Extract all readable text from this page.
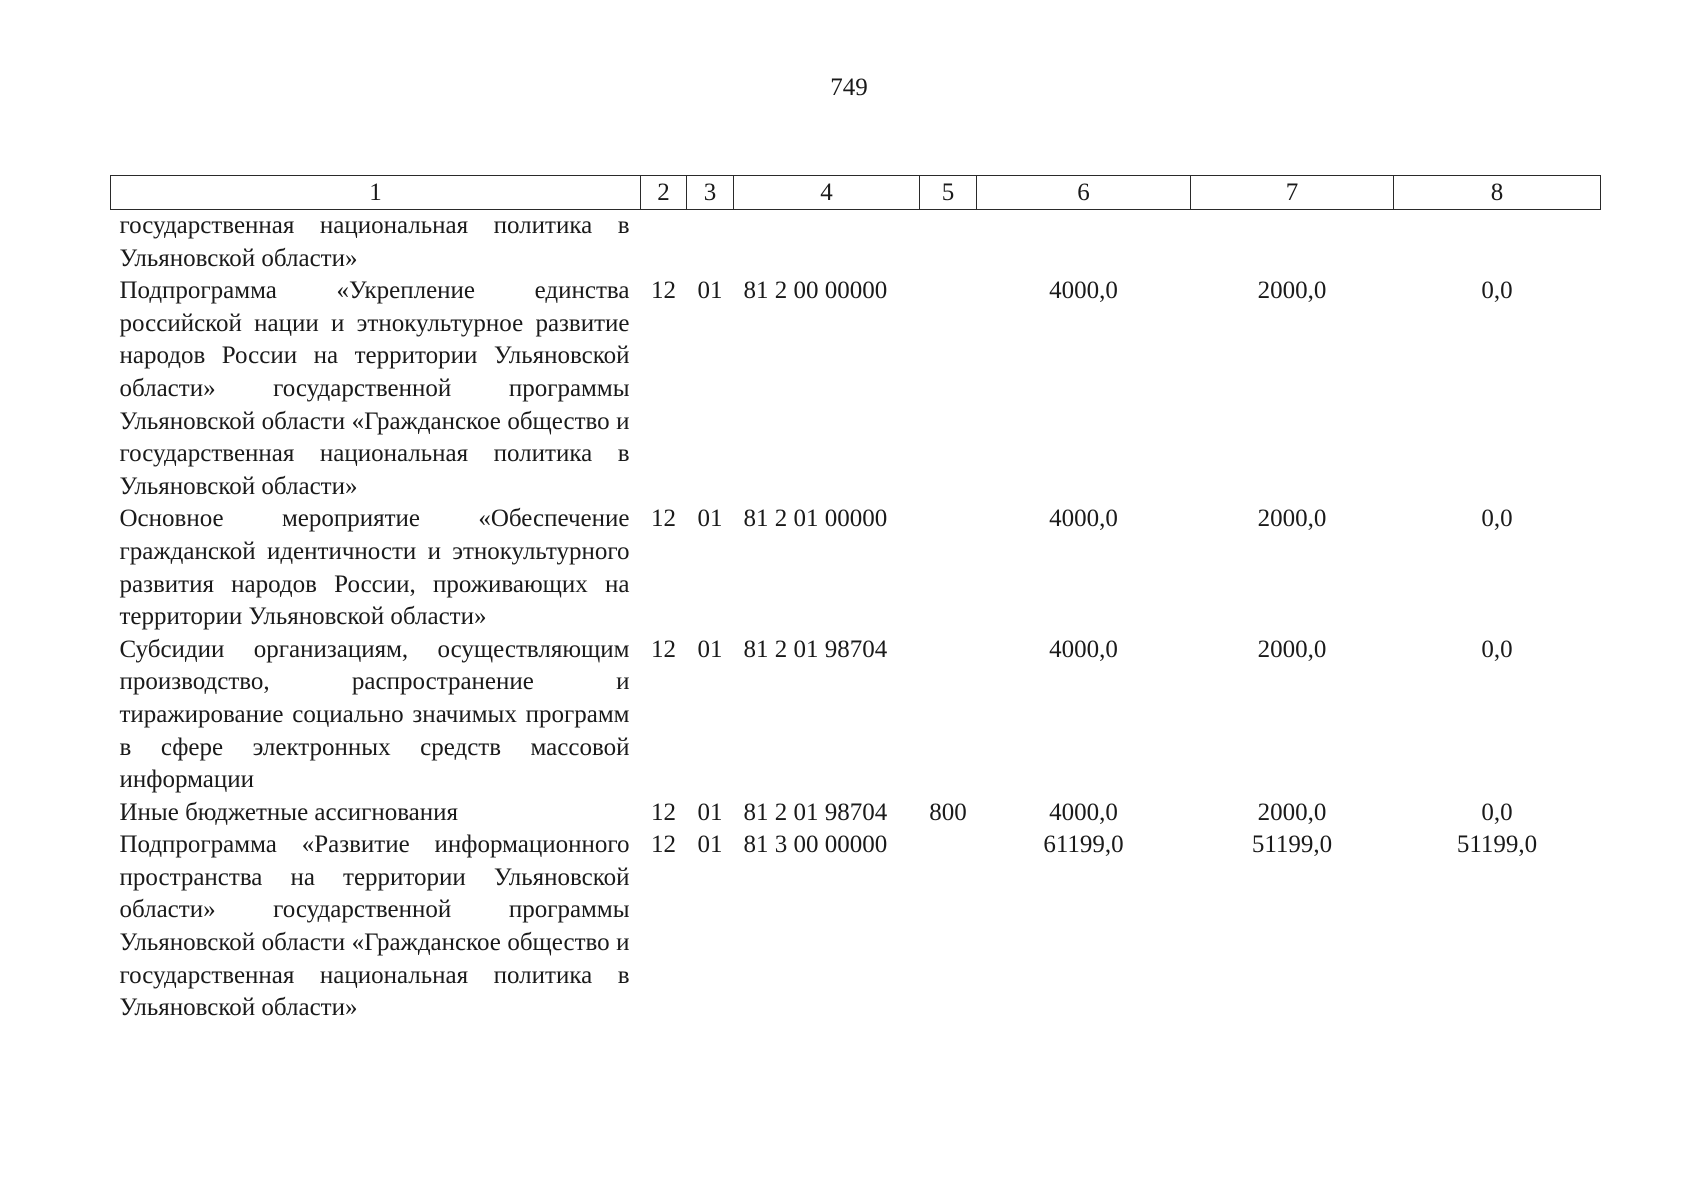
749
1	2	3	4	5	6	7	8
государственная национальная политика в Ульяновской области»							
Подпрограмма «Укрепление единства российской нации и этнокультурное развитие народов России на территории Ульяновской области» государственной программы Ульяновской области «Гражданское общество и государственная национальная политика в Ульяновской области»	12	01	81 2 00 00000		4000,0	2000,0	0,0
Основное мероприятие «Обеспечение гражданской идентичности и этнокультурного развития народов России, проживающих на территории Ульяновской области»	12	01	81 2 01 00000		4000,0	2000,0	0,0
Субсидии организациям, осуществляющим производство, распространение и тиражирование социально значимых программ в сфере электронных средств массовой информации	12	01	81 2 01 98704		4000,0	2000,0	0,0
Иные бюджетные ассигнования	12	01	81 2 01 98704	800	4000,0	2000,0	0,0
Подпрограмма «Развитие информационного пространства на территории Ульяновской области» государственной программы Ульяновской области «Гражданское общество и государственная национальная политика в Ульяновской области»	12	01	81 3 00 00000		61199,0	51199,0	51199,0
